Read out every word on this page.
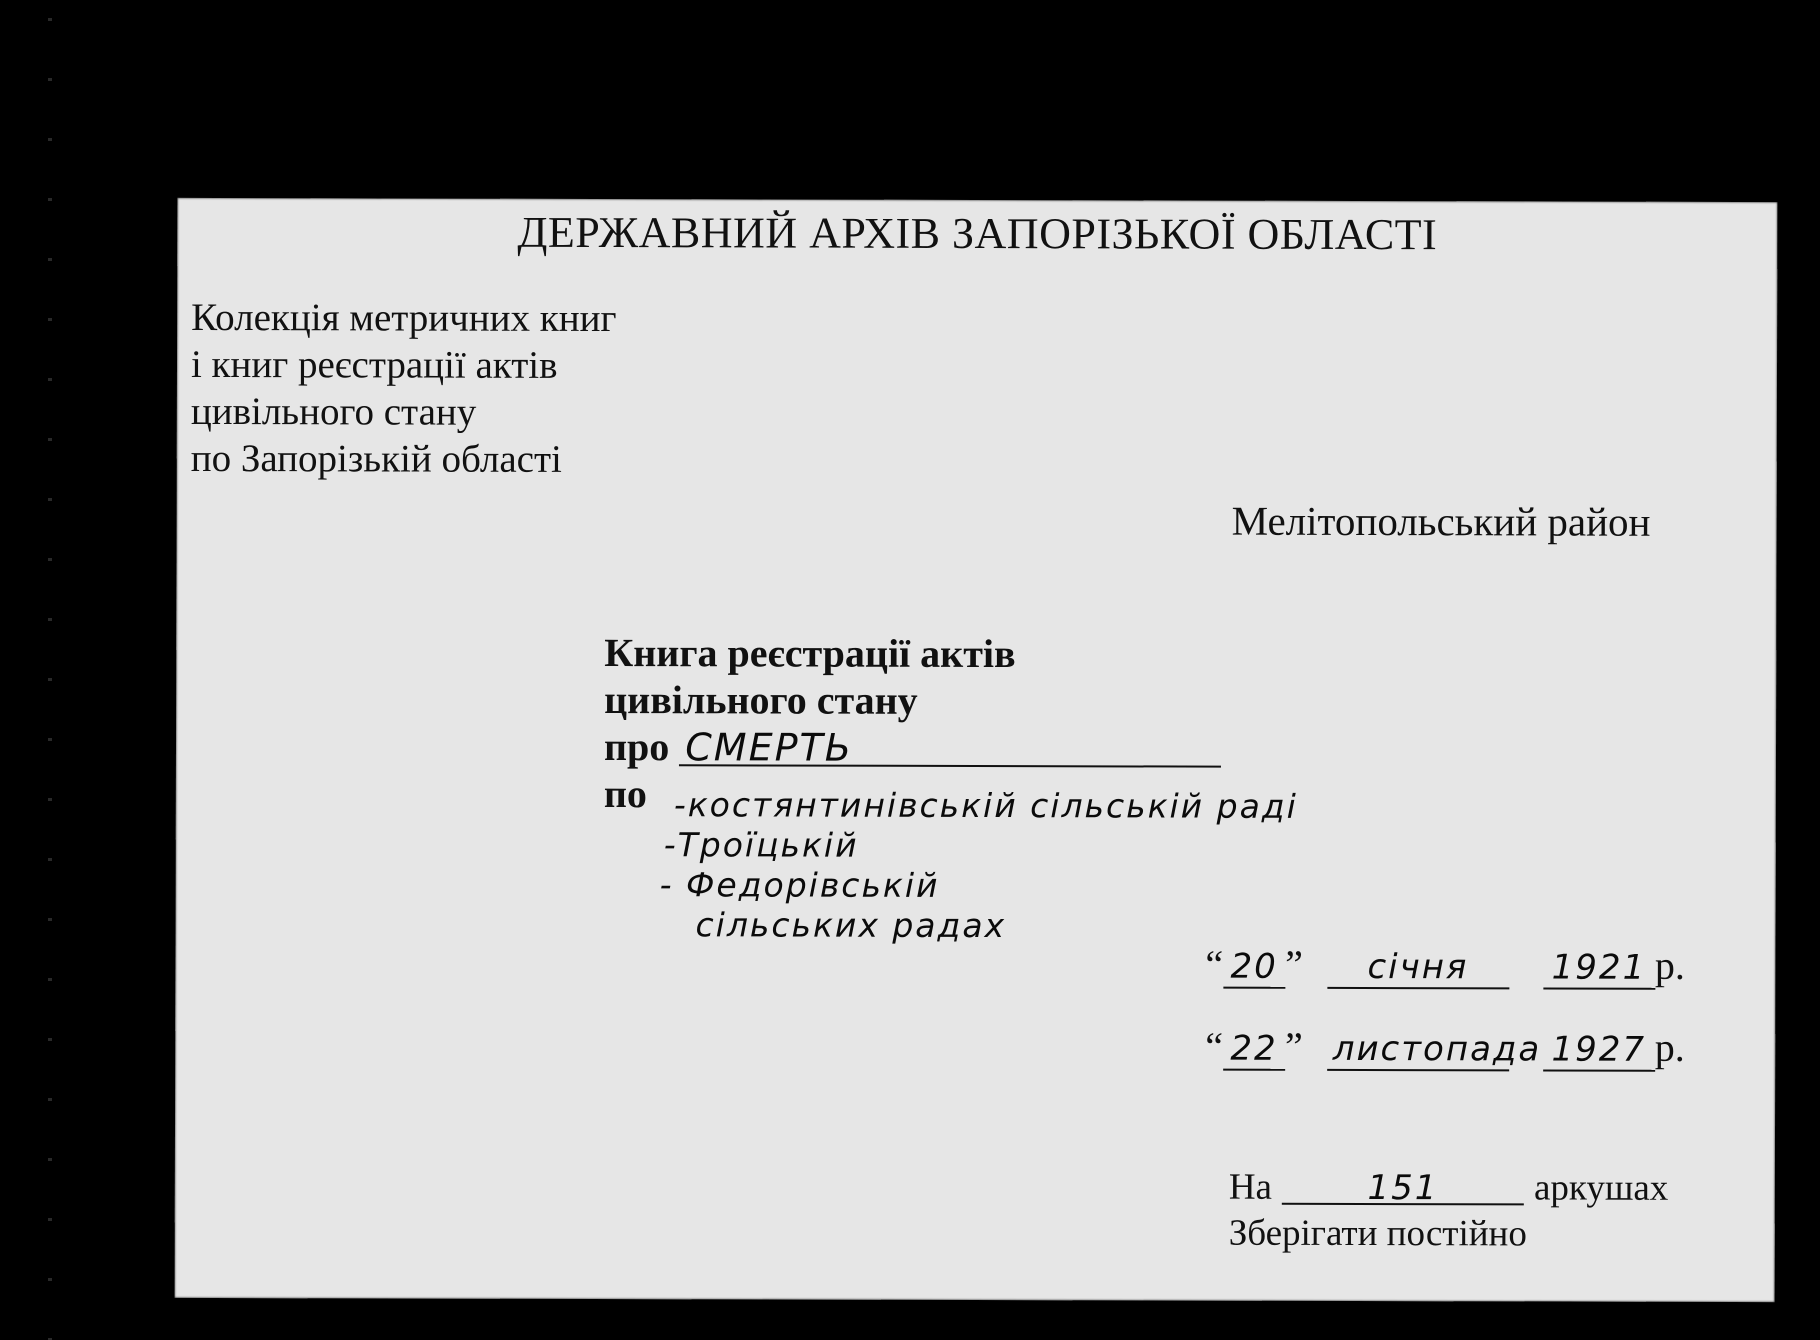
ДЕРЖАВНИЙ АРХІВ ЗАПОРІЗЬКОЇ ОБЛАСТІ
Колекція метричних книг
і книг реєстрації актів
цивільного стану
по Запорізькій області
Мелітопольський район
Книга реєстрації актів
цивільного стану
про СМЕРТЬ
по -костянтинівській сільській раді
-Троїцькій
- Федорівській
сільських радах
“ 20 ” січня 1921 р.
“ 22 ” листопада 1927 р.
На	151	аркушах
Зберігати постійно
